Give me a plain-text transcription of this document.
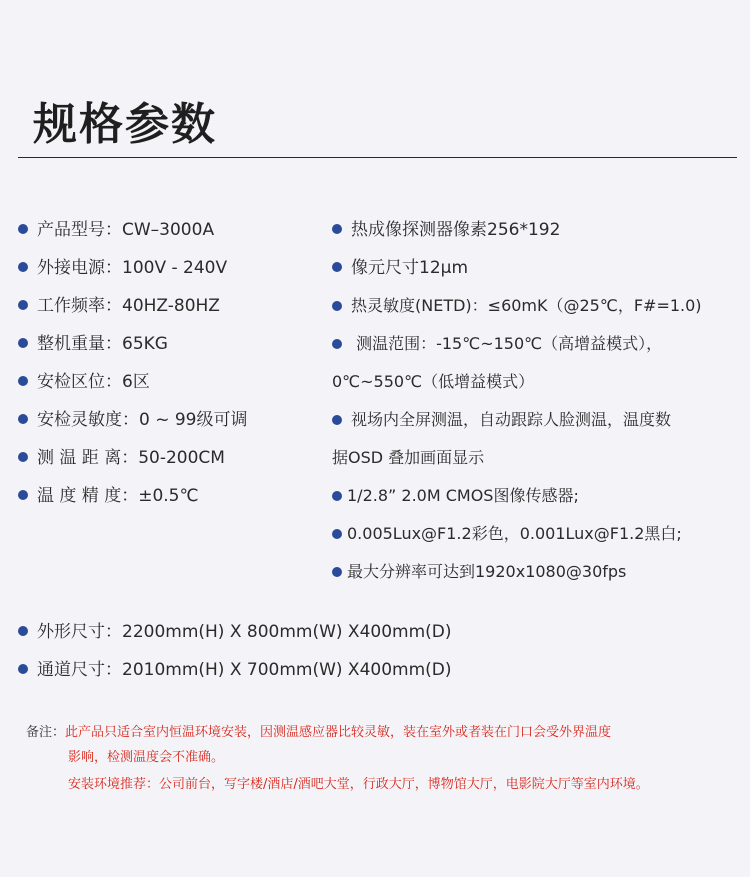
规格参数
产品型号：CW–3000A
外接电源：100V - 240V
工作频率：40HZ-80HZ
整机重量：65KG
安检区位：6区
安检灵敏度：0 ~ 99级可调
测 温 距 离：50-200CM
温 度 精 度：±0.5℃
热成像探测器像素256*192
像元尺寸12μm
热灵敏度(NETD)：≤60mK（@25℃，F#=1.0)
测温范围：-15℃~150℃（高增益模式），
0℃~550℃（低增益模式）
视场内全屏测温，自动跟踪人脸测温，温度数
据OSD 叠加画面显示
1/2.8” 2.0M CMOS图像传感器;
0.005Lux@F1.2彩色，0.001Lux@F1.2黑白;
最大分辨率可达到1920x1080@30fps
外形尺寸：2200mm(H) X 800mm(W) X400mm(D)
通道尺寸：2010mm(H) X 700mm(W) X400mm(D)
备注：此产品只适合室内恒温环境安装，因测温感应器比较灵敏，装在室外或者装在门口会受外界温度
影响，检测温度会不准确。
安装环境推荐：公司前台，写字楼/酒店/酒吧大堂，行政大厅，博物馆大厅，电影院大厅等室内环境。
